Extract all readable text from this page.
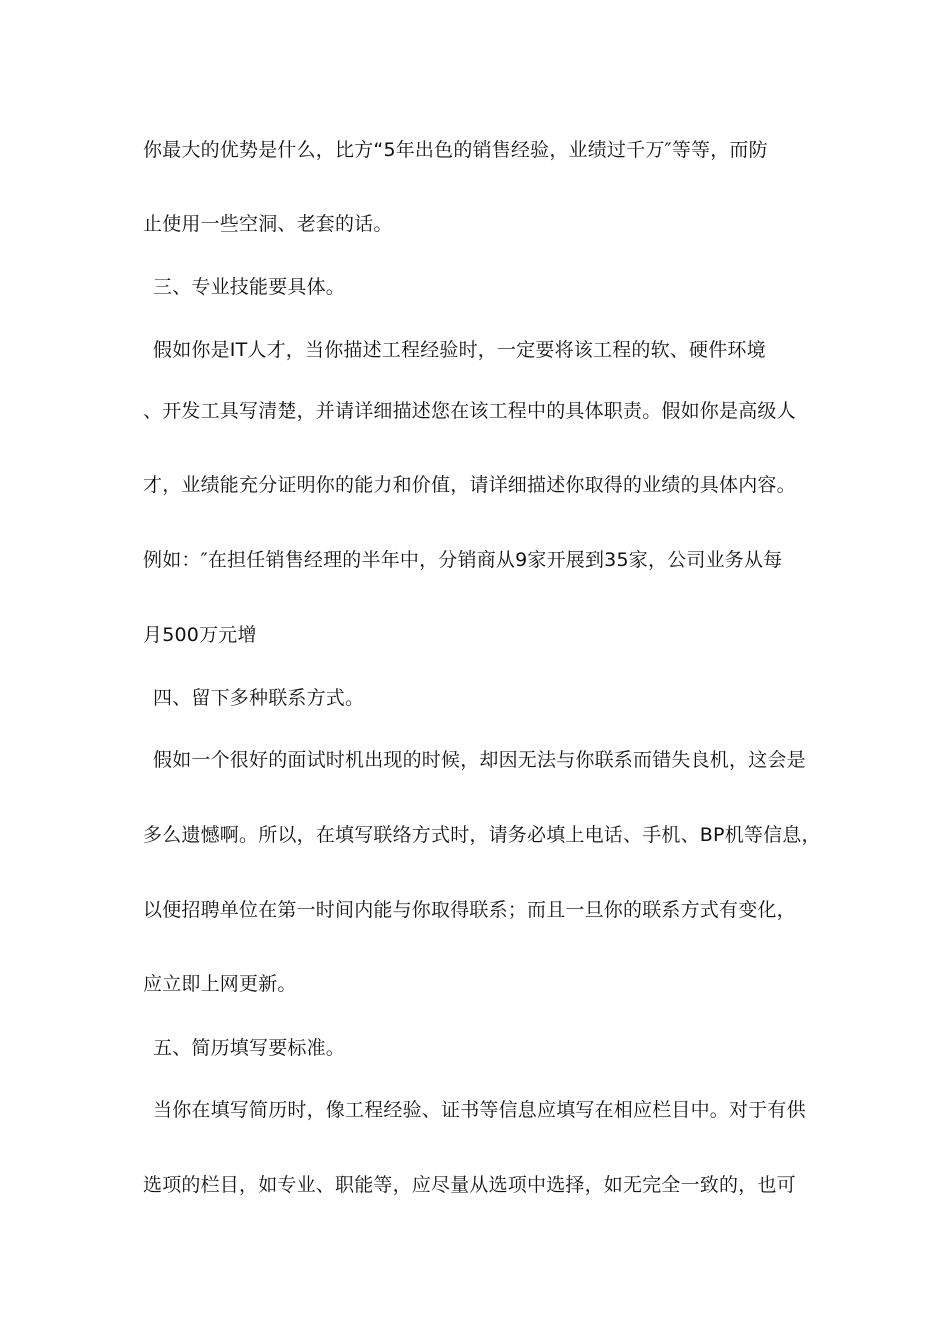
你最大的优势是什么，比方“5年出色的销售经验，业绩过千万″等等，而防

止使用一些空洞、老套的话。

三、专业技能要具体。

假如你是IT人才，当你描述工程经验时，一定要将该工程的软、硬件环境

、开发工具写清楚，并请详细描述您在该工程中的具体职责。假如你是高级人

才，业绩能充分证明你的能力和价值，请详细描述你取得的业绩的具体内容。

例如：″在担任销售经理的半年中，分销商从9家开展到35家，公司业务从每

月500万元增

四、留下多种联系方式。

假如一个很好的面试时机出现的时候，却因无法与你联系而错失良机，这会是

多么遗憾啊。所以，在填写联络方式时，请务必填上电话、手机、BP机等信息，

以便招聘单位在第一时间内能与你取得联系；而且一旦你的联系方式有变化，

应立即上网更新。

五、简历填写要标准。

当你在填写简历时，像工程经验、证书等信息应填写在相应栏目中。对于有供

选项的栏目，如专业、职能等，应尽量从选项中选择，如无完全一致的，也可
